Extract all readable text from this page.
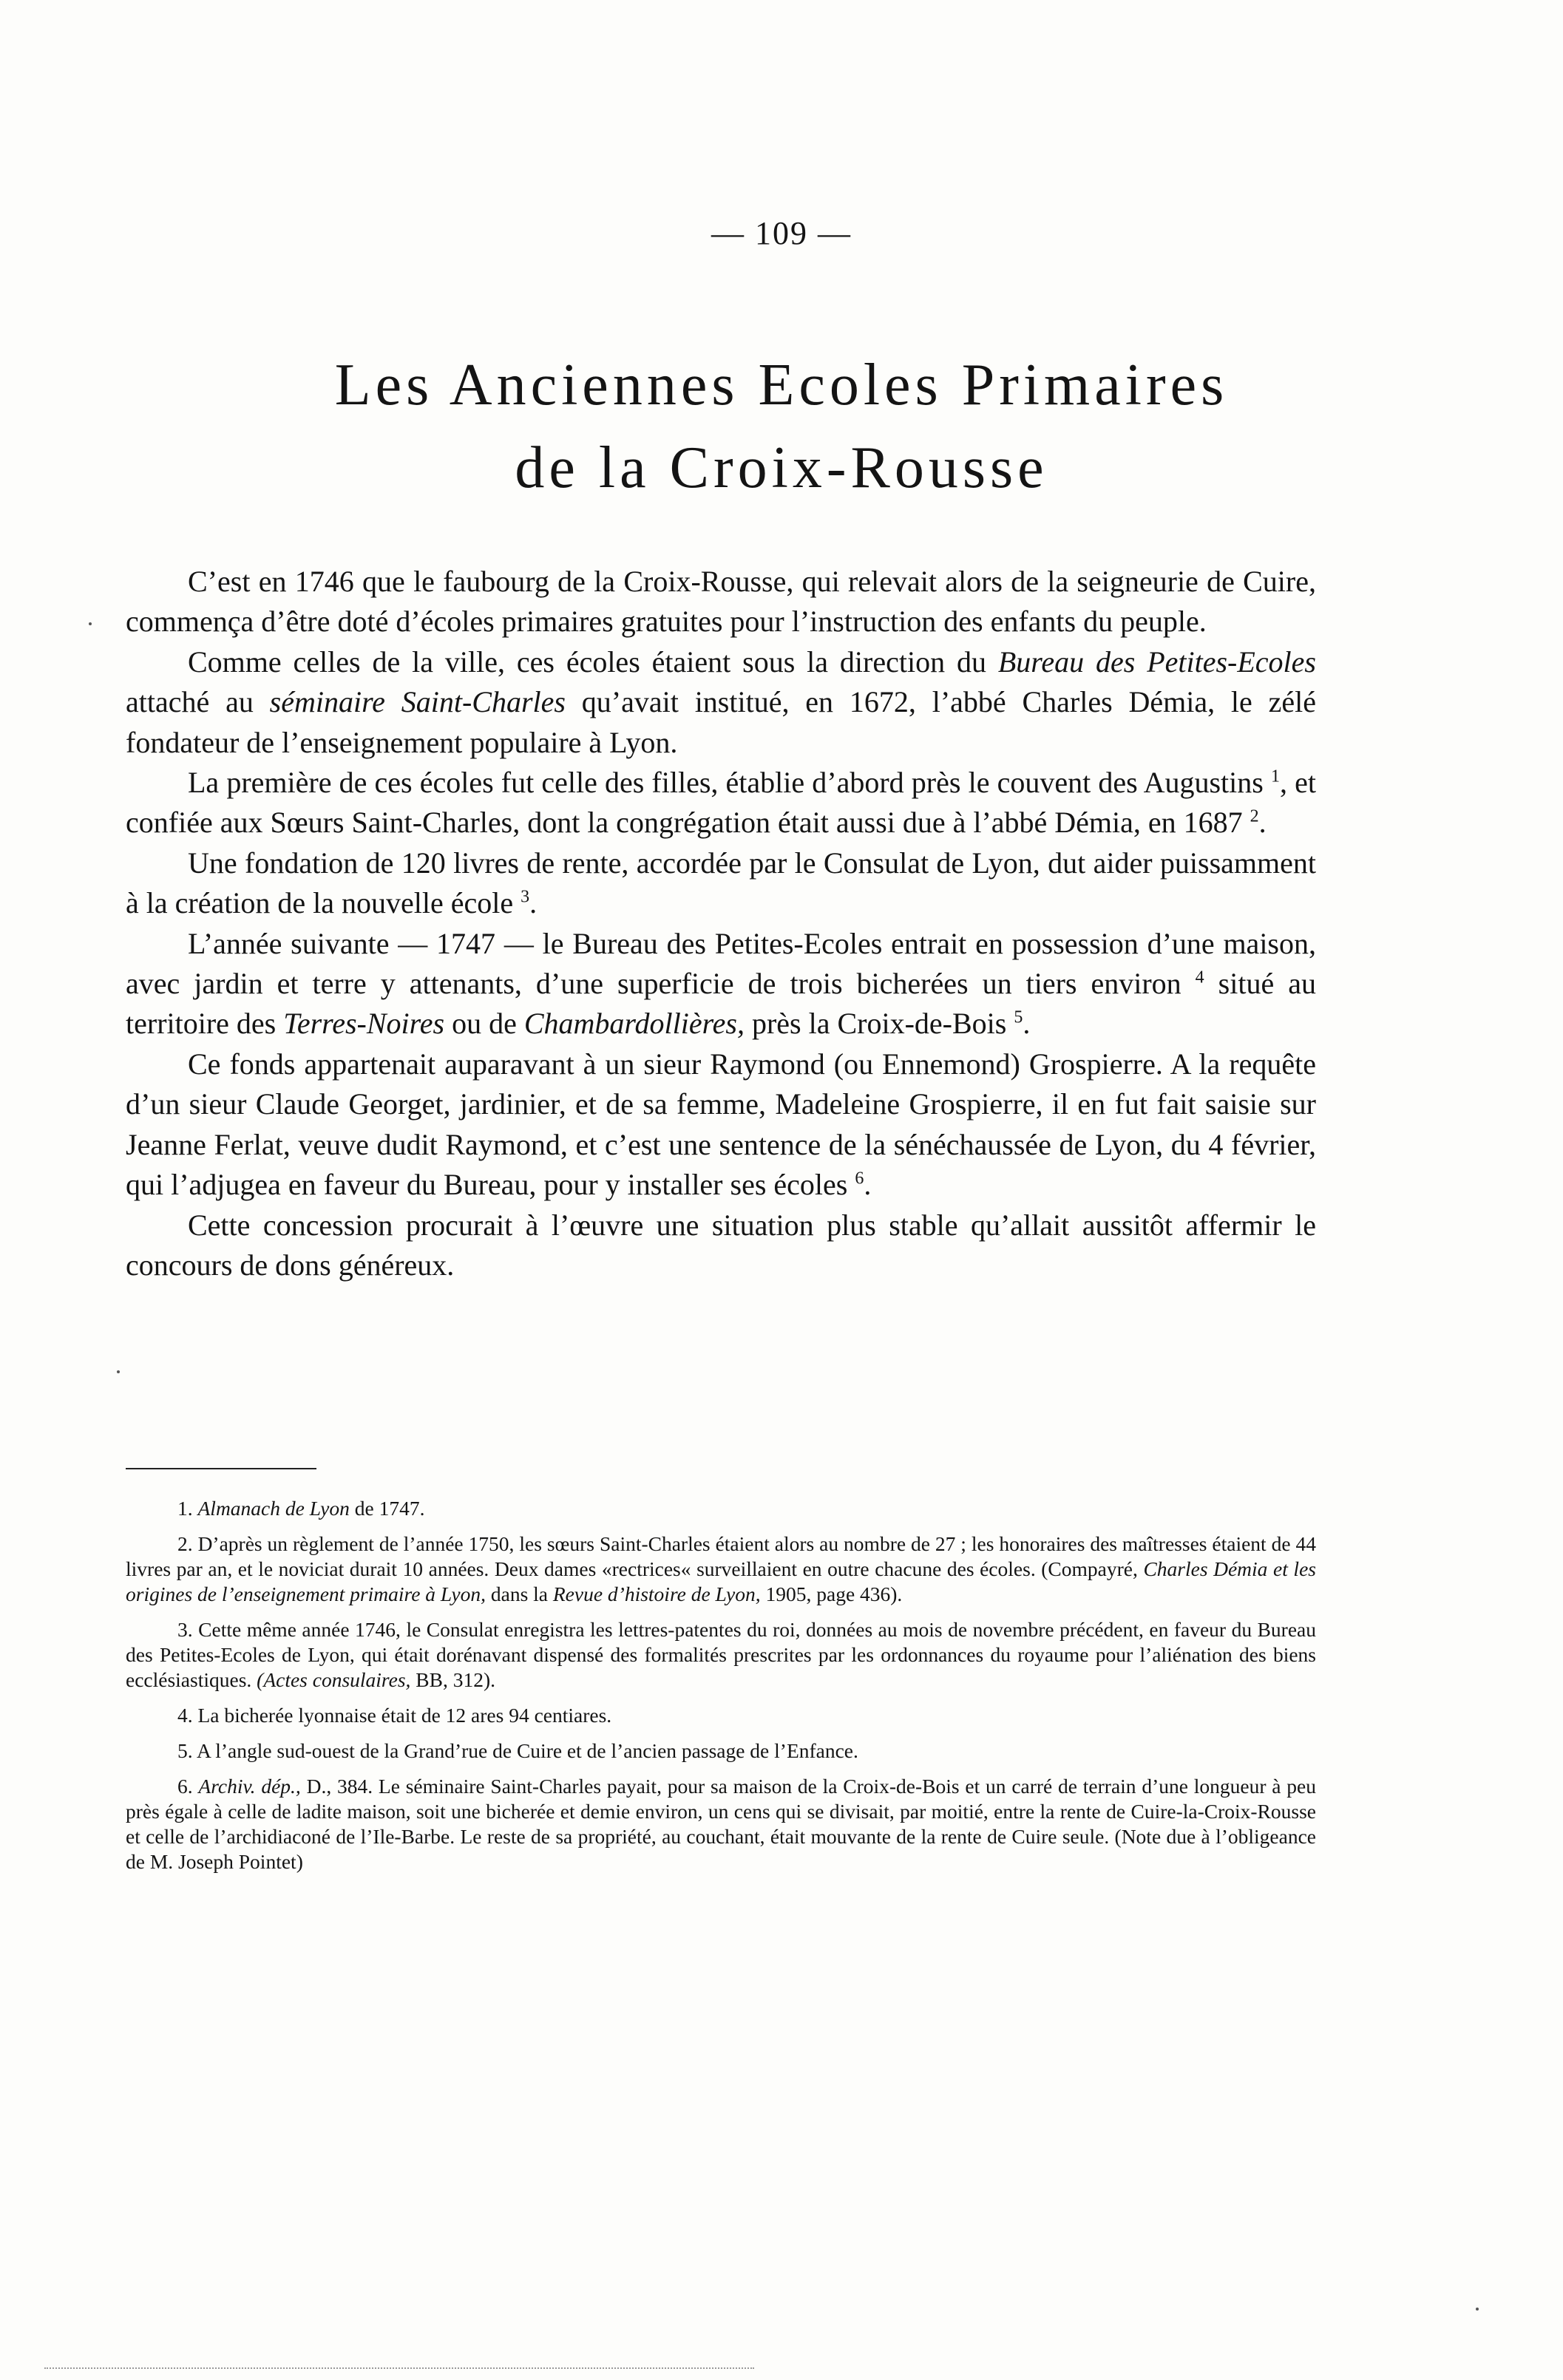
— 109 —
Les Anciennes Ecoles Primaires
de la Croix-Rousse

C’est en 1746 que le faubourg de la Croix-Rousse, qui relevait alors de la seigneurie de Cuire, commença d’être doté d’écoles primaires gratuites pour l’instruction des enfants du peuple.

Comme celles de la ville, ces écoles étaient sous la direction du Bureau des Petites-Ecoles attaché au séminaire Saint-Charles qu’avait institué, en 1672, l’abbé Charles Démia, le zélé fondateur de l’enseignement populaire à Lyon.

La première de ces écoles fut celle des filles, établie d’abord près le couvent des Augustins $^1$, et confiée aux Sœurs Saint-Charles, dont la congrégation était aussi due à l’abbé Démia, en 1687 $^2$.

Une fondation de 120 livres de rente, accordée par le Consulat de Lyon, dut aider puissamment à la création de la nouvelle école $^3$.

L’année suivante — 1747 — le Bureau des Petites-Ecoles entrait en possession d’une maison, avec jardin et terre y attenants, d’une superficie de trois bicherées un tiers environ $^4$ situé au territoire des Terres-Noires ou de Chambardollières, près la Croix-de-Bois $^5$.

Ce fonds appartenait auparavant à un sieur Raymond (ou Ennemond) Grospierre. A la requête d’un sieur Claude Georget, jardinier, et de sa femme, Madeleine Grospierre, il en fut fait saisie sur Jeanne Ferlat, veuve dudit Raymond, et c’est une sentence de la sénéchaussée de Lyon, du 4 février, qui l’adjugea en faveur du Bureau, pour y installer ses écoles $^6$.

Cette concession procurait à l’œuvre une situation plus stable qu’allait aussitôt affermir le concours de dons généreux.

1. Almanach de Lyon de 1747.

2. D’après un règlement de l’année 1750, les sœurs Saint-Charles étaient alors au nombre de 27 ; les honoraires des maîtresses étaient de 44 livres par an, et le noviciat durait 10 années. Deux dames «rectrices« surveillaient en outre chacune des écoles. (Compayré, Charles Démia et les origines de l’enseignement primaire à Lyon, dans la Revue d’histoire de Lyon, 1905, page 436).

3. Cette même année 1746, le Consulat enregistra les lettres-patentes du roi, données au mois de novembre précédent, en faveur du Bureau des Petites-Ecoles de Lyon, qui était dorénavant dispensé des formalités prescrites par les ordonnances du royaume pour l’aliénation des biens ecclésiastiques. (Actes consulaires, BB, 312).

4. La bicherée lyonnaise était de 12 ares 94 centiares.

5. A l’angle sud-ouest de la Grand’rue de Cuire et de l’ancien passage de l’Enfance.

6. Archiv. dép., D., 384. Le séminaire Saint-Charles payait, pour sa maison de la Croix-de-Bois et un carré de terrain d’une longueur à peu près égale à celle de ladite maison, soit une bicherée et demie environ, un cens qui se divisait, par moitié, entre la rente de Cuire-la-Croix-Rousse et celle de l’archidiaconé de l’Ile-Barbe. Le reste de sa propriété, au couchant, était mouvante de la rente de Cuire seule. (Note due à l’obligeance de M. Joseph Pointet)
